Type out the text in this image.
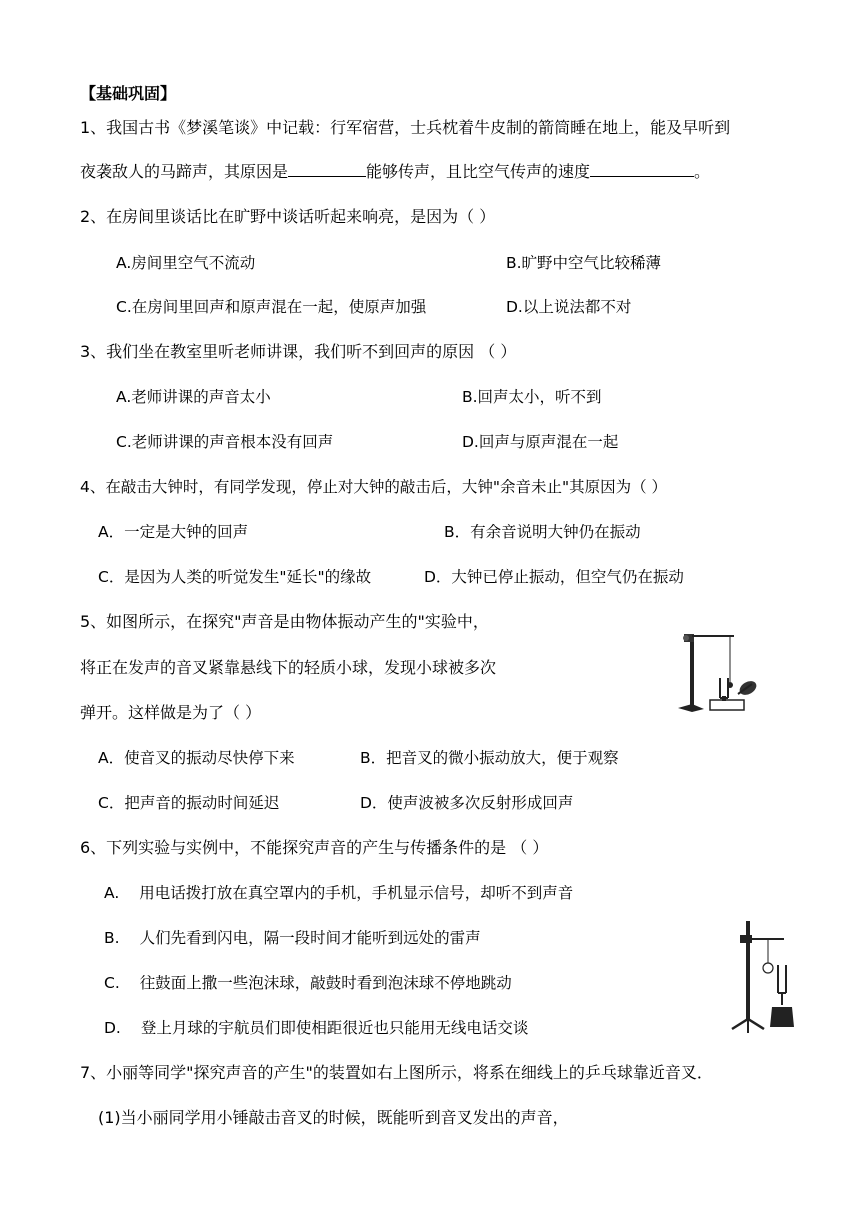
【基础巩固】
1、我国古书《梦溪笔谈》中记载：行军宿营，士兵枕着牛皮制的箭筒睡在地上，能及早听到
夜袭敌人的马蹄声，其原因是	能够传声，且比空气传声的速度	。
2、在房间里谈话比在旷野中谈话听起来响亮，是因为（ ）
A.房间里空气不流动	B.旷野中空气比较稀薄
C.在房间里回声和原声混在一起，使原声加强	D.以上说法都不对
3、我们坐在教室里听老师讲课，我们听不到回声的原因 （ ）
A.老师讲课的声音太小	B.回声太小，听不到
C.老师讲课的声音根本没有回声	D.回声与原声混在一起
4、在敲击大钟时，有同学发现，停止对大钟的敲击后，大钟"余音未止"其原因为（ ）
A．一定是大钟的回声	B．有余音说明大钟仍在振动
C．是因为人类的听觉发生"延长"的缘故	D．大钟已停止振动，但空气仍在振动
5、如图所示，在探究"声音是由物体振动产生的"实验中，
将正在发声的音叉紧靠悬线下的轻质小球，发现小球被多次
弹开。这样做是为了（ ）
A．使音叉的振动尽快停下来	B．把音叉的微小振动放大，便于观察
C．把声音的振动时间延迟	D．使声波被多次反射形成回声
6、下列实验与实例中，不能探究声音的产生与传播条件的是 （ ）
A. 用电话拨打放在真空罩内的手机，手机显示信号，却听不到声音
B. 人们先看到闪电，隔一段时间才能听到远处的雷声
C. 往鼓面上撒一些泡沫球，敲鼓时看到泡沫球不停地跳动
D. 登上月球的宇航员们即使相距很近也只能用无线电话交谈
7、小丽等同学"探究声音的产生"的装置如右上图所示，将系在细线上的乒乓球靠近音叉．
(1)当小丽同学用小锤敲击音叉的时候，既能听到音叉发出的声音，
